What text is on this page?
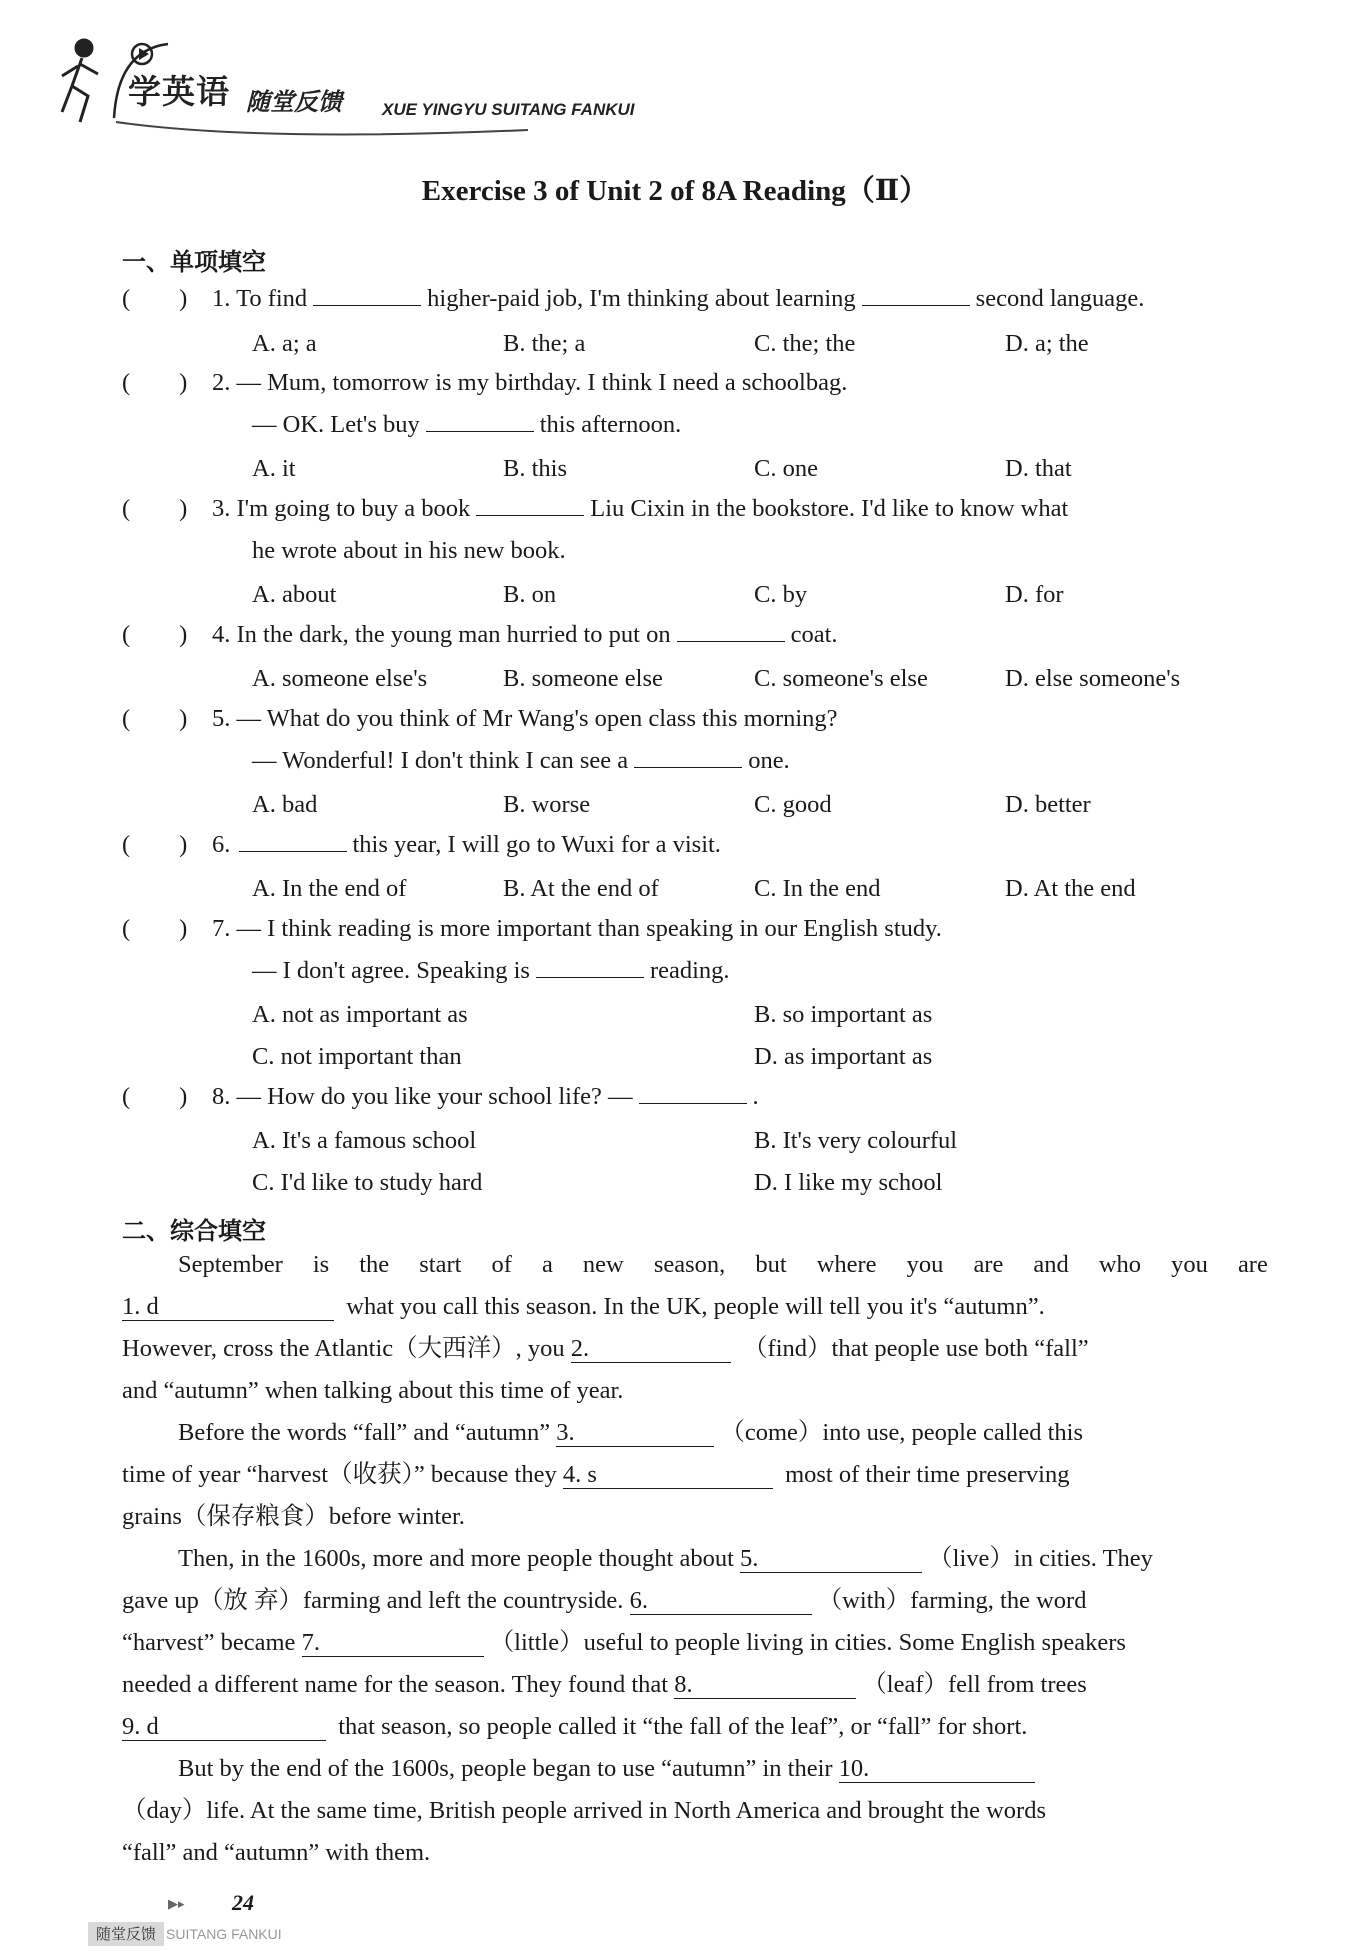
学英语 随堂反馈 XUE YINGYU SUITANG FANKUI
Exercise 3 of Unit 2 of 8A Reading（Ⅱ）
一、单项填空
(　　) 1. To find	higher-paid job, I'm thinking about learning	second language.
A. a; a	B. the; a	C. the; the	D. a; the
(　　) 2. — Mum, tomorrow is my birthday. I think I need a schoolbag.
— OK. Let's buy	this afternoon.
A. it	B. this	C. one	D. that
(　　) 3. I'm going to buy a book	Liu Cixin in the bookstore. I'd like to know what
he wrote about in his new book.
A. about	B. on	C. by	D. for
(　　) 4. In the dark, the young man hurried to put on	coat.
A. someone else's	B. someone else	C. someone's else	D. else someone's
(　　) 5. — What do you think of Mr Wang's open class this morning?
— Wonderful! I don't think I can see a	one.
A. bad	B. worse	C. good	D. better
(　　) 6.	this year, I will go to Wuxi for a visit.
A. In the end of	B. At the end of	C. In the end	D. At the end
(　　) 7. — I think reading is more important than speaking in our English study.
— I don't agree. Speaking is	reading.
A. not as important as	B. so important as
C. not important than	D. as important as
(　　) 8. — How do you like your school life? —	.
A. It's a famous school	B. It's very colourful
C. I'd like to study hard	D. I like my school
二、综合填空
September is the start of a new season, but where you are and who you are
1. d	what you call this season. In the UK, people will tell you it's “autumn”.
However, cross the Atlantic（大西洋）, you 2.	（find）that people use both “fall”
and “autumn” when talking about this time of year.
Before the words “fall” and “autumn” 3.	（come）into use, people called this
time of year “harvest（收获）” because they 4. s	most of their time preserving
grains（保存粮食）before winter.
Then, in the 1600s, more and more people thought about 5.	（live）in cities. They
gave up（放 弃）farming and left the countryside. 6.	（with）farming, the word
“harvest” became 7.	（little）useful to people living in cities. Some English speakers
needed a different name for the season. They found that 8.	（leaf）fell from trees
9. d	that season, so people called it “the fall of the leaf”, or “fall” for short.
But by the end of the 1600s, people began to use “autumn” in their 10.
（day）life. At the same time, British people arrived in North America and brought the words
“fall” and “autumn” with them.
▶▸ 24
随堂反馈 SUITANG FANKUI
